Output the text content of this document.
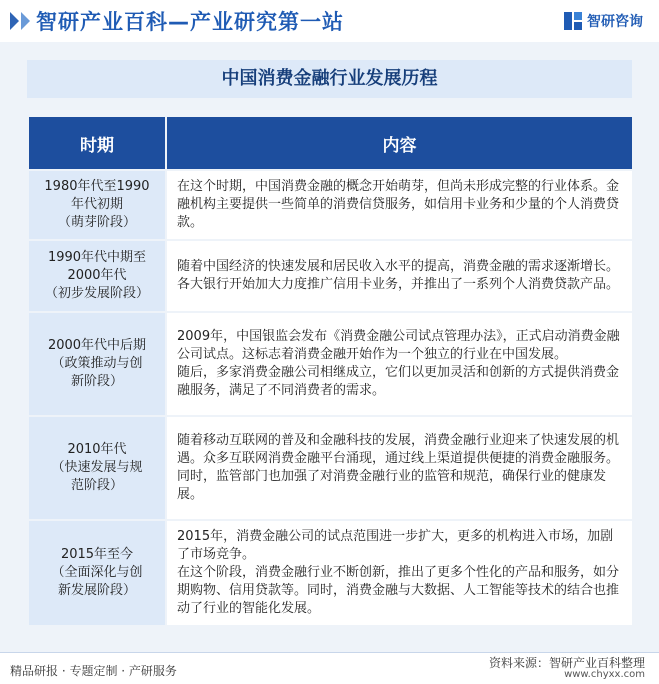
智研产业百科—产业研究第一站	智研咨询
中国消费金融行业发展历程
时期	内容

1980年代至1990
年代初期
（萌芽阶段）	在这个时期，中国消费金融的概念开始萌芽，但尚未形成完整的行业体系。金融机构主要提供一些简单的消费信贷服务，如信用卡业务和少量的个人消费贷款。

1990年代中期至
2000年代
（初步发展阶段）	随着中国经济的快速发展和居民收入水平的提高，消费金融的需求逐渐增长。各大银行开始加大力度推广信用卡业务，并推出了一系列个人消费贷款产品。

2000年代中后期
（政策推动与创
新阶段）	2009年，中国银监会发布《消费金融公司试点管理办法》，正式启动消费金融公司试点。这标志着消费金融开始作为一个独立的行业在中国发展。
随后，多家消费金融公司相继成立，它们以更加灵活和创新的方式提供消费金融服务，满足了不同消费者的需求。

2010年代
（快速发展与规
范阶段）	随着移动互联网的普及和金融科技的发展，消费金融行业迎来了快速发展的机遇。众多互联网消费金融平台涌现，通过线上渠道提供便捷的消费金融服务。
同时，监管部门也加强了对消费金融行业的监管和规范，确保行业的健康发展。

2015年至今
（全面深化与创
新发展阶段）	2015年，消费金融公司的试点范围进一步扩大，更多的机构进入市场，加剧了市场竞争。
在这个阶段，消费金融行业不断创新，推出了更多个性化的产品和服务，如分期购物、信用贷款等。同时，消费金融与大数据、人工智能等技术的结合也推动了行业的智能化发展。
精品研报 · 专题定制 · 产研服务
资料来源：智研产业百科整理
www.chyxx.com
